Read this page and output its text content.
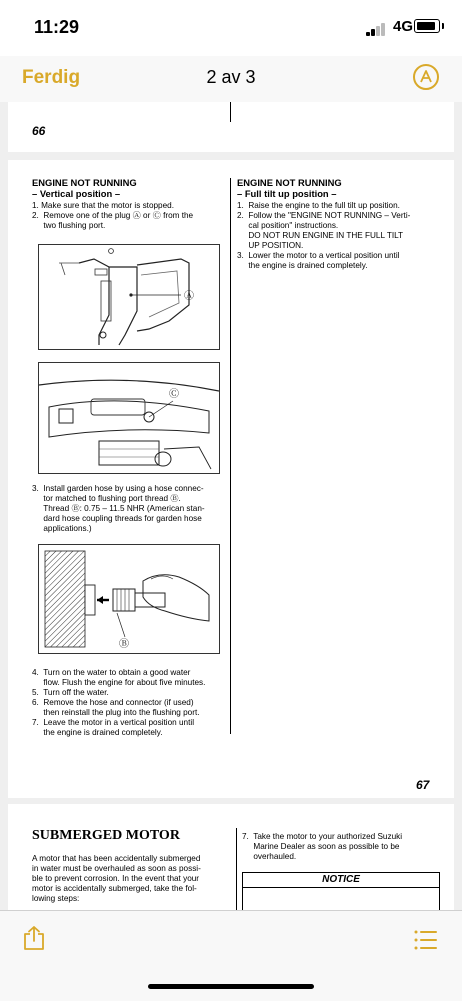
11:29	4G
Ferdig	2 av 3
66
ENGINE NOT RUNNING
– Vertical position –
1. Make sure that the motor is stopped.
2.  Remove one of the plug Ⓐ or Ⓒ from the
two flushing port.
Ⓐ
Ⓒ
3.  Install garden hose by using a hose connec-
tor matched to flushing port thread Ⓑ.
Thread Ⓑ: 0.75 – 11.5 NHR (American stan-
dard hose coupling threads for garden hose
applications.)
Ⓑ
4.  Turn on the water to obtain a good water
flow. Flush the engine for about five minutes.
5.  Turn off the water.
6.  Remove the hose and connector (if used)
then reinstall the plug into the flushing port.
7.  Leave the motor in a vertical position until
the engine is drained completely.
ENGINE NOT RUNNING
– Full tilt up position –
1.  Raise the engine to the full tilt up position.
2.  Follow the "ENGINE NOT RUNNING – Verti-
cal position" instructions.
DO NOT RUN ENGINE IN THE FULL TILT
UP POSITION.
3.  Lower the motor to a vertical position until
the engine is drained completely.
67
SUBMERGED MOTOR
A motor that has been accidentally submerged
in water must be overhauled as soon as possi-
ble to prevent corrosion. In the event that your
motor is accidentally submerged, take the fol-
lowing steps:
7.  Take the motor to your authorized Suzuki
Marine Dealer as soon as possible to be
overhauled.
NOTICE
